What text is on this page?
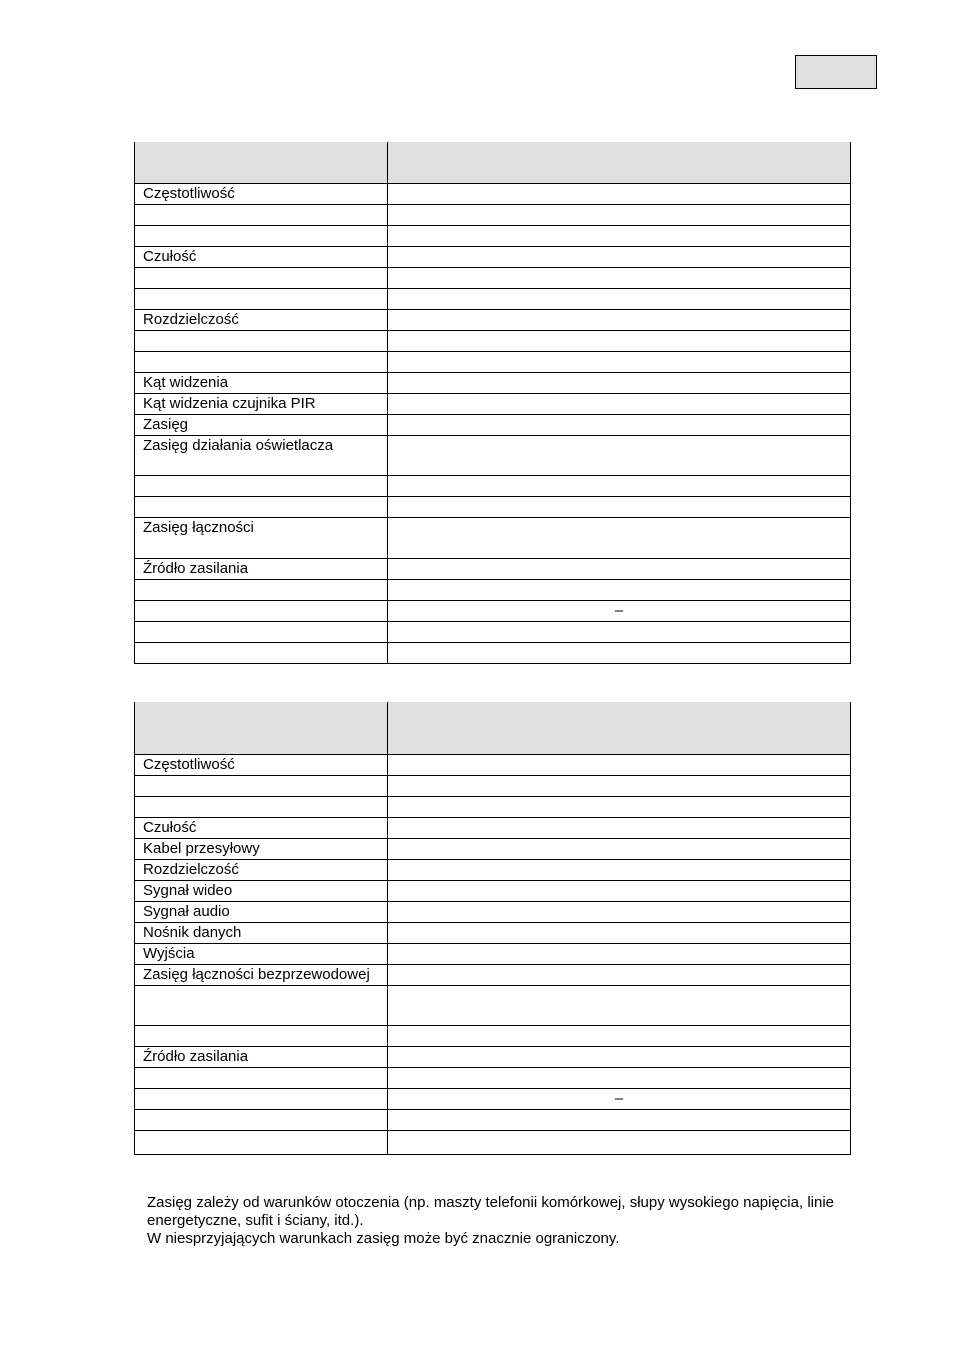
Częstotliwość	

Czułość	

Rozdzielczość	

Kąt widzenia	
Kąt widzenia czujnika PIR	
Zasięg	
Zasięg działania oświetlacza	

Zasięg łączności	
Źródło zasilania	

	–

Częstotliwość	

Czułość	
Kabel przesyłowy	
Rozdzielczość	
Sygnał wideo	
Sygnał audio	
Nośnik danych	
Wyjścia	
Zasięg łączności bezprzewodowej	

Źródło zasilania	

	–

Zasięg zależy od warunków otoczenia (np. maszty telefonii komórkowej, słupy wysokiego napięcia, linie energetyczne, sufit i ściany, itd.).

W niesprzyjających warunkach zasięg może być znacznie ograniczony.
